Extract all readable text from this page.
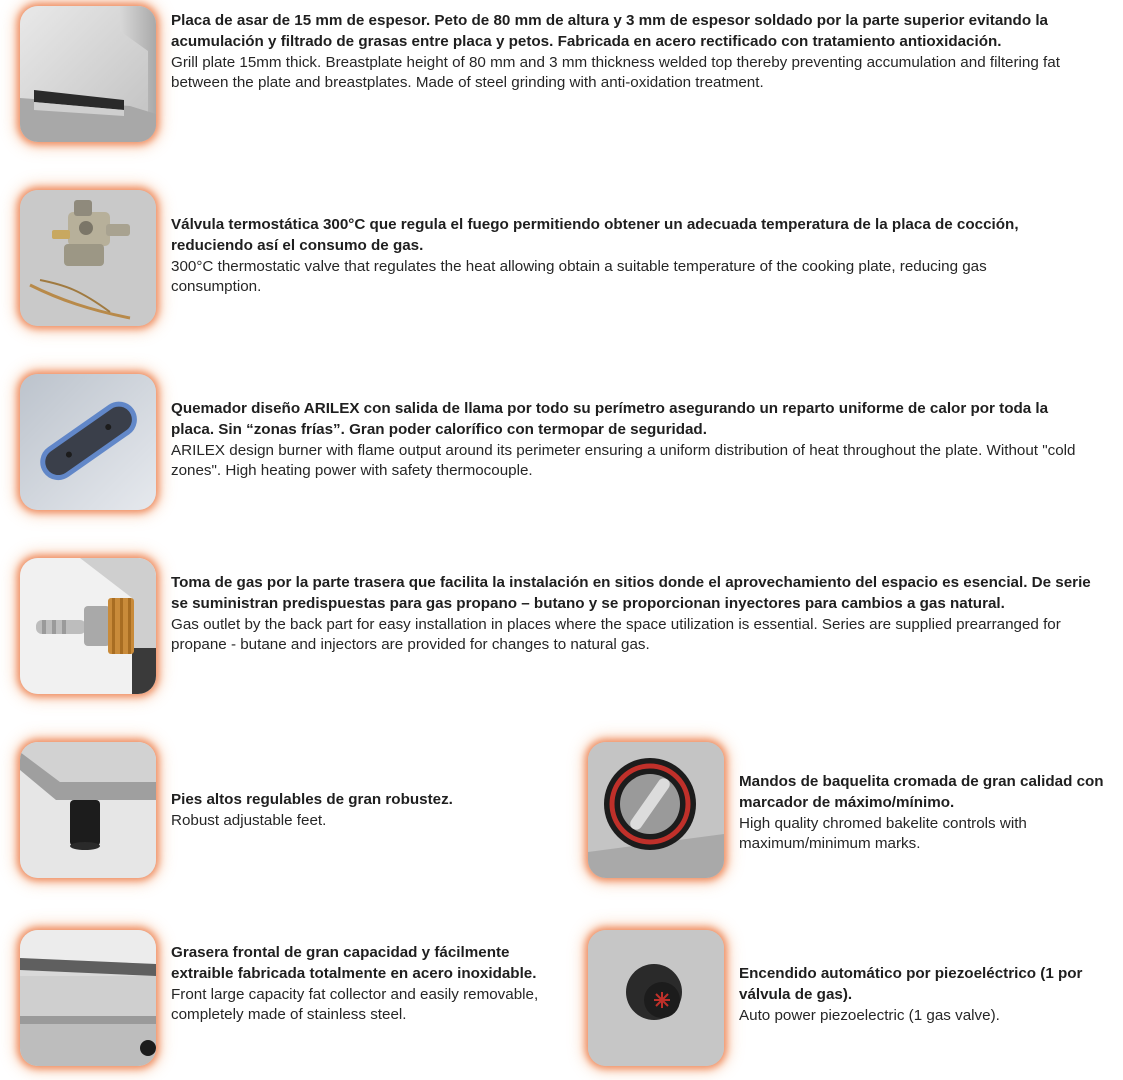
Placa de asar de 15 mm de espesor. Peto de 80 mm de altura y 3 mm de espesor soldado por la parte superior evitando la acumulación y filtrado de grasas entre placa y petos. Fabricada en acero rectificado con tratamiento antioxidación.
Grill plate 15mm thick. Breastplate height of 80 mm and 3 mm thickness welded top thereby preventing accumulation and filtering fat between the plate and breastplates. Made of steel grinding with anti-oxidation treatment.
Válvula termostática 300°C que regula el fuego permitiendo obtener un adecuada temperatura de la placa de cocción, reduciendo así el consumo de gas.
300°C thermostatic valve that regulates the heat allowing obtain a suitable temperature of the cooking plate, reducing gas consumption.
Quemador diseño ARILEX con salida de llama por todo su perímetro asegurando un reparto uniforme de calor por toda la placa. Sin “zonas frías”. Gran poder calorífico con termopar de seguridad.
ARILEX design burner with flame output around its perimeter ensuring a uniform distribution of heat throughout the plate. Without "cold zones". High heating power with safety thermocouple.
Toma de gas por la parte trasera que facilita la instalación en sitios donde el aprovechamiento del espacio es esencial. De serie se suministran predispuestas para gas propano – butano y se proporcionan inyectores para cambios a gas natural.
Gas outlet by the back part for easy installation in places where the space utilization is essential. Series are supplied prearranged for propane - butane and injectors are provided for changes to natural gas.
Pies altos regulables de gran robustez.
Robust adjustable feet.
Mandos de baquelita cromada de gran calidad con marcador de máximo/mínimo.
High quality chromed bakelite controls with maximum/minimum marks.
Grasera frontal de gran capacidad y fácilmente extraible fabricada totalmente en acero inoxidable.
Front large capacity fat collector and easily removable, completely made of stainless steel.
Encendido automático por piezoeléctrico (1 por válvula de gas).
Auto power piezoelectric (1 gas valve).
